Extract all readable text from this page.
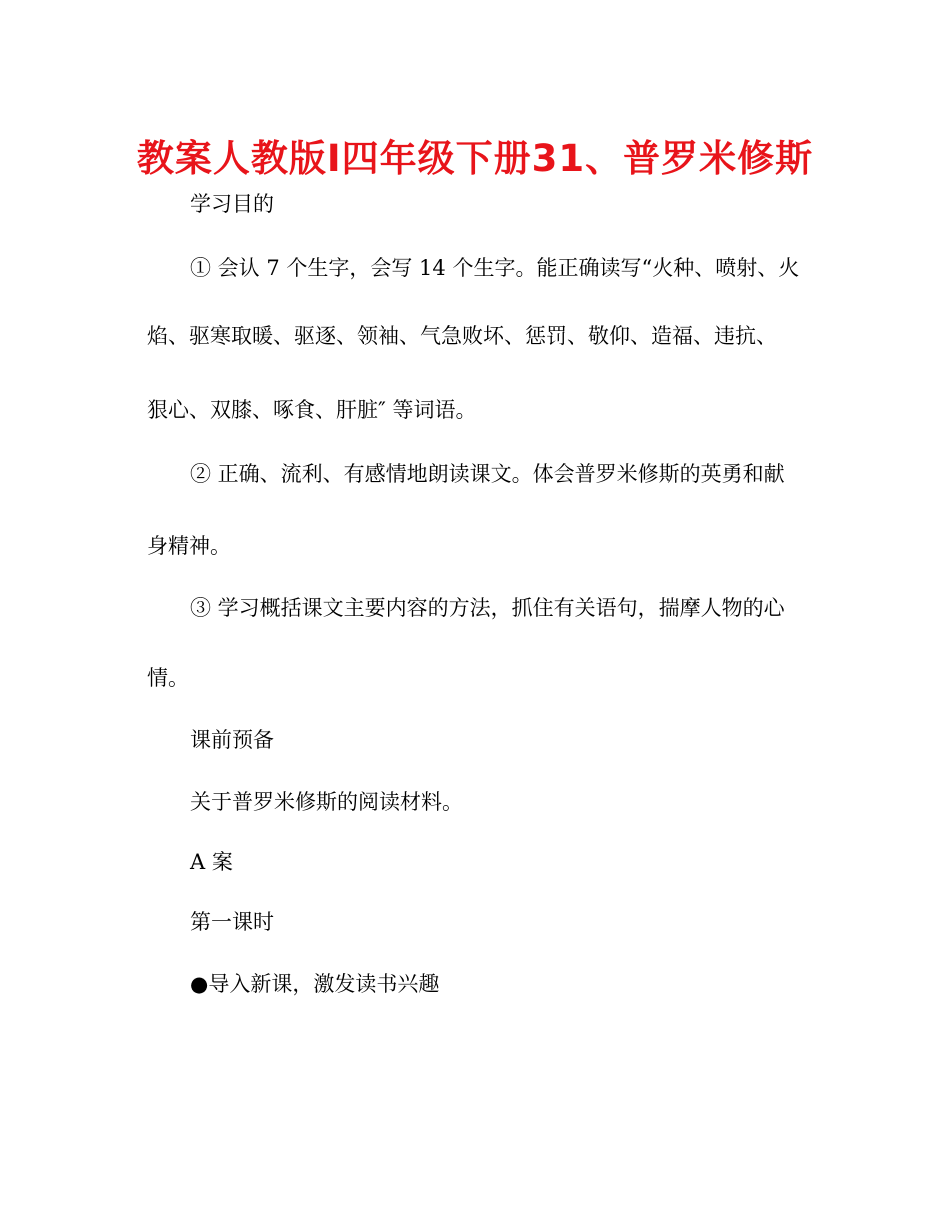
教案人教版I四年级下册31、普罗米修斯
学习目的
① 会认 7 个生字，会写 14 个生字。能正确读写“火种、喷射、火
焰、驱寒取暖、驱逐、领袖、气急败坏、惩罚、敬仰、造福、违抗、
狠心、双膝、啄食、肝脏″ 等词语。
② 正确、流利、有感情地朗读课文。体会普罗米修斯的英勇和献
身精神。
③ 学习概括课文主要内容的方法，抓住有关语句，揣摩人物的心
情。
课前预备
关于普罗米修斯的阅读材料。
A 案
第一课时
●导入新课，激发读书兴趣
